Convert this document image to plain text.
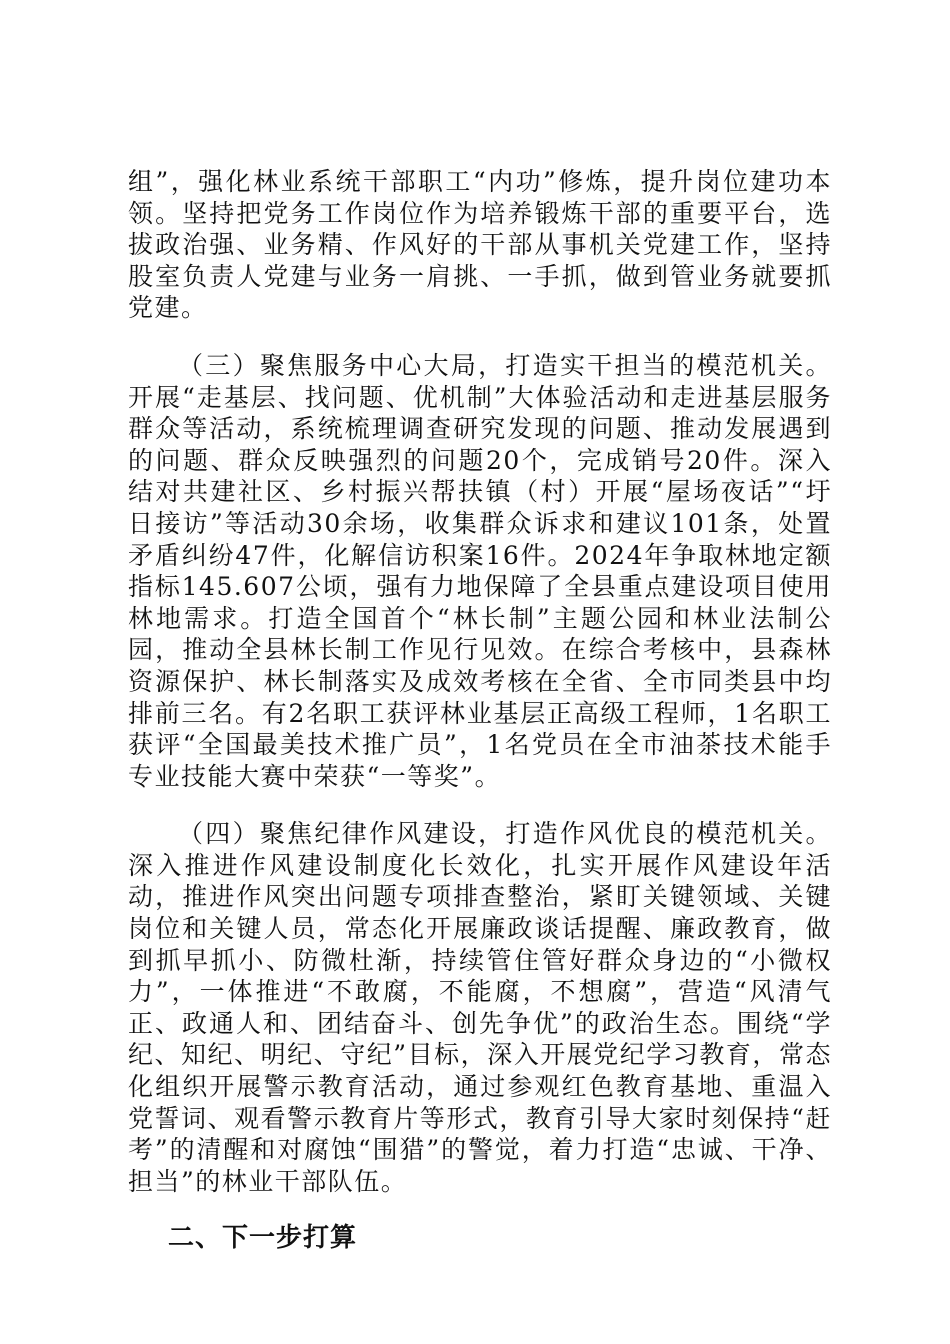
组”，强化林业系统干部职工“内功”修炼，提升岗位建功本领。坚持把党务工作岗位作为培养锻炼干部的重要平台，选拔政治强、业务精、作风好的干部从事机关党建工作，坚持股室负责人党建与业务一肩挑、一手抓，做到管业务就要抓党建。

（三）聚焦服务中心大局，打造实干担当的模范机关。开展“走基层、找问题、优机制”大体验活动和走进基层服务群众等活动，系统梳理调查研究发现的问题、推动发展遇到的问题、群众反映强烈的问题20个，完成销号20件。深入结对共建社区、乡村振兴帮扶镇（村）开展“屋场夜话”“圩日接访”等活动30余场，收集群众诉求和建议101条，处置矛盾纠纷47件，化解信访积案16件。2024年争取林地定额指标145.607公顷，强有力地保障了全县重点建设项目使用林地需求。打造全国首个“林长制”主题公园和林业法制公园，推动全县林长制工作见行见效。在综合考核中，县森林资源保护、林长制落实及成效考核在全省、全市同类县中均排前三名。有2名职工获评林业基层正高级工程师，1名职工获评“全国最美技术推广员”，1名党员在全市油茶技术能手专业技能大赛中荣获“一等奖”。

（四）聚焦纪律作风建设，打造作风优良的模范机关。深入推进作风建设制度化长效化，扎实开展作风建设年活动，推进作风突出问题专项排查整治，紧盯关键领域、关键岗位和关键人员，常态化开展廉政谈话提醒、廉政教育，做到抓早抓小、防微杜渐，持续管住管好群众身边的“小微权力”，一体推进“不敢腐，不能腐，不想腐”，营造“风清气正、政通人和、团结奋斗、创先争优”的政治生态。围绕“学纪、知纪、明纪、守纪”目标，深入开展党纪学习教育，常态化组织开展警示教育活动，通过参观红色教育基地、重温入党誓词、观看警示教育片等形式，教育引导大家时刻保持“赶考”的清醒和对腐蚀“围猎”的警觉，着力打造“忠诚、干净、担当”的林业干部队伍。

二、下一步打算
